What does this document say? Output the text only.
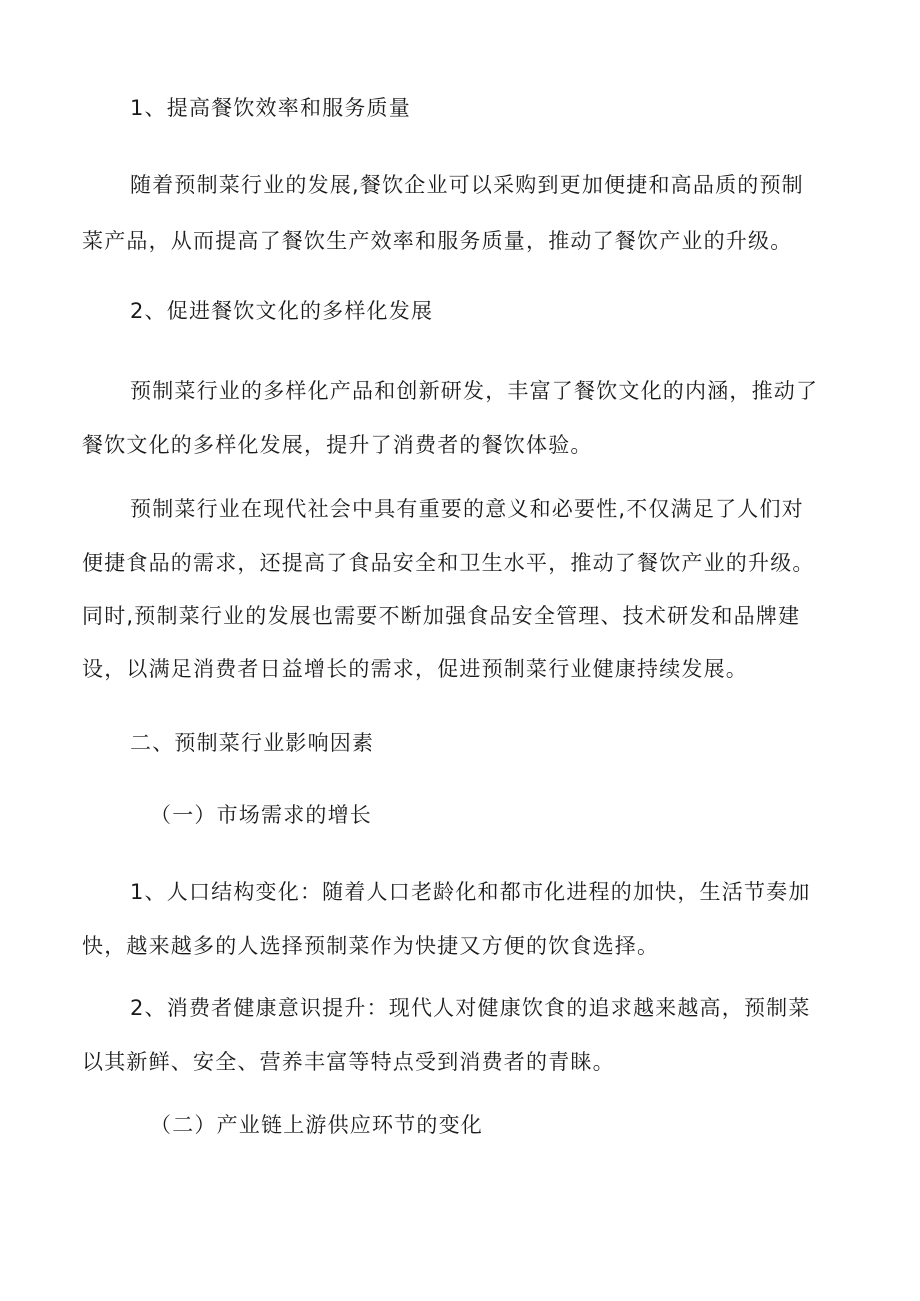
1、提高餐饮效率和服务质量
随着预制菜行业的发展,餐饮企业可以采购到更加便捷和高品质的预制
菜产品，从而提高了餐饮生产效率和服务质量，推动了餐饮产业的升级。
2、促进餐饮文化的多样化发展
预制菜行业的多样化产品和创新研发，丰富了餐饮文化的内涵，推动了
餐饮文化的多样化发展，提升了消费者的餐饮体验。
预制菜行业在现代社会中具有重要的意义和必要性,不仅满足了人们对
便捷食品的需求，还提高了食品安全和卫生水平，推动了餐饮产业的升级。
同时,预制菜行业的发展也需要不断加强食品安全管理、技术研发和品牌建
设，以满足消费者日益增长的需求，促进预制菜行业健康持续发展。
二、预制菜行业影响因素
（一）市场需求的增长
1、人口结构变化：随着人口老龄化和都市化进程的加快，生活节奏加
快，越来越多的人选择预制菜作为快捷又方便的饮食选择。
2、消费者健康意识提升：现代人对健康饮食的追求越来越高，预制菜
以其新鲜、安全、营养丰富等特点受到消费者的青睐。
（二）产业链上游供应环节的变化
